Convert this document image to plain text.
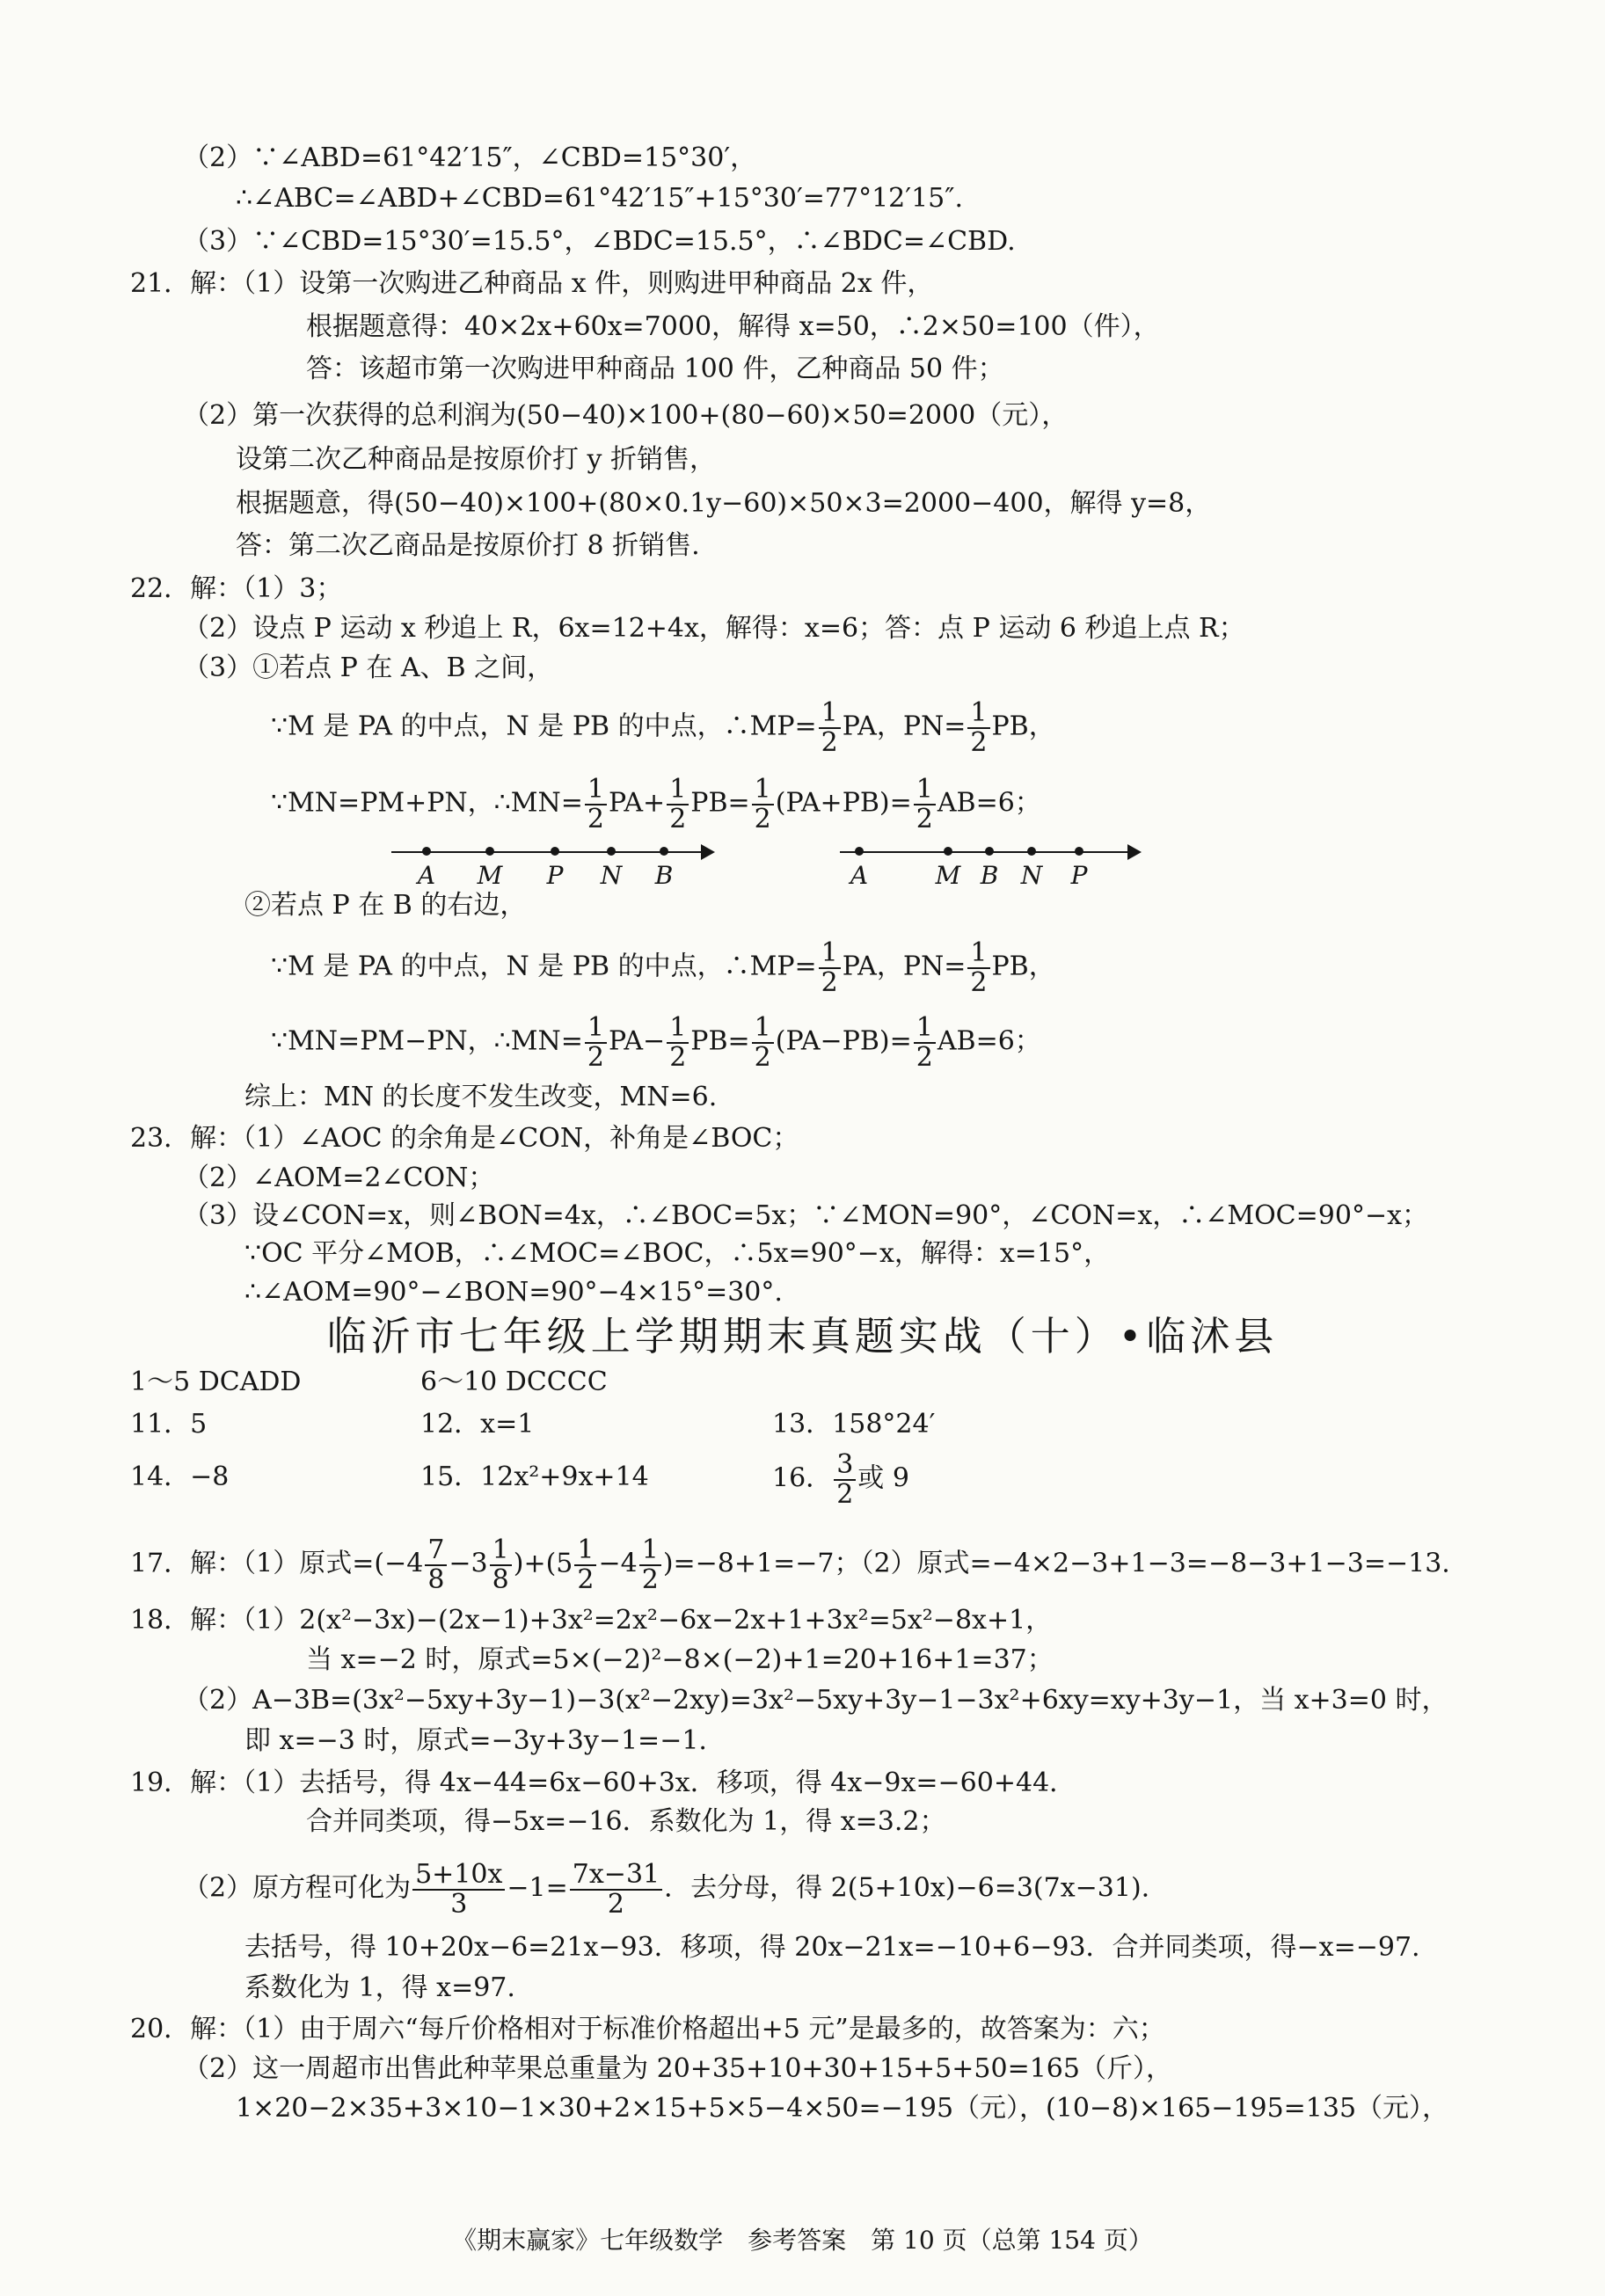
（2）∵∠ABD=61°42′15″，∠CBD=15°30′，
∴∠ABC=∠ABD+∠CBD=61°42′15″+15°30′=77°12′15″.
（3）∵∠CBD=15°30′=15.5°，∠BDC=15.5°，∴∠BDC=∠CBD.
21．解：（1）设第一次购进乙种商品 x 件，则购进甲种商品 2x 件，
根据题意得：40×2x+60x=7000，解得 x=50，∴2×50=100（件），
答：该超市第一次购进甲种商品 100 件，乙种商品 50 件；
（2）第一次获得的总利润为(50−40)×100+(80−60)×50=2000（元），
设第二次乙种商品是按原价打 y 折销售，
根据题意，得(50−40)×100+(80×0.1y−60)×50×3=2000−400，解得 y=8，
答：第二次乙商品是按原价打 8 折销售.
22．解：（1）3；
（2）设点 P 运动 x 秒追上 R，6x=12+4x，解得：x=6；答：点 P 运动 6 秒追上点 R；
（3）①若点 P 在 A、B 之间，
∵M 是 PA 的中点，N 是 PB 的中点，∴MP= $\frac{1}{2}$ PA，$PN= \frac{1}{2}$ PB，
∵MN=PM+PN，∴MN= $\frac{1}{2} PA+ \frac{1}{2} PB= \frac{1}{2} (PA+PB)= \frac{1}{2} AB=6$；
A	M	P	N	B	A	M B N	P
②若点 P 在 B 的右边，
∵M 是 PA 的中点，N 是 PB 的中点，∴MP= $\frac{1}{2}$ PA，$PN= \frac{1}{2}$ PB，
∵MN=PM−PN，∴MN= $\frac{1}{2} PA- \frac{1}{2} PB= \frac{1}{2} (PA-PB)= \frac{1}{2} AB=6$；
综上：MN 的长度不发生改变，MN=6.
23．解：（1）∠AOC 的余角是∠CON，补角是∠BOC；
（2）∠AOM=2∠CON；
（3）设∠CON=x，则∠BON=4x，∴∠BOC=5x；∵∠MON=90°，∠CON=x，∴∠MOC=90°−x；
∵OC 平分∠MOB，∴∠MOC=∠BOC，∴5x=90°−x，解得：x=15°，
∴∠AOM=90°−∠BON=90°−4×15°=30°.
临沂市七年级上学期期末真题实战（十）•临沭县
1～5 DCADD	6～10 DCCCC
11．5	12．x=1	13．158°24′
14．−8	15．12x²+9x+14	16． $\frac{3}{2}$ 或 9
17．解：（1）原式$=(-4 \frac{7}{8} -3 \frac{1}{8} )+(5 \frac{1}{2} -4 \frac{1}{2} )=-8+1=-7$；（2）原式=−4×2−3+1−3=−8−3+1−3=−13.
18．解：（1）2(x²−3x)−(2x−1)+3x²=2x²−6x−2x+1+3x²=5x²−8x+1，
当 x=−2 时，原式=5×(−2)²−8×(−2)+1=20+16+1=37；
（2）A−3B=(3x²−5xy+3y−1)−3(x²−2xy)=3x²−5xy+3y−1−3x²+6xy=xy+3y−1，当 x+3=0 时，
即 x=−3 时，原式=−3y+3y−1=−1.
19．解：（1）去括号，得 4x−44=6x−60+3x．移项，得 4x−9x=−60+44．
合并同类项，得−5x=−16．系数化为 1，得 x=3.2；
（2）原方程可化为 $\frac{5+10x}{3} -1= \frac{7x-31}{2}$ ．去分母，得 2(5+10x)−6=3(7x−31).
去括号，得 10+20x−6=21x−93．移项，得 20x−21x=−10+6−93．合并同类项，得−x=−97.
系数化为 1，得 x=97.
20．解：（1）由于周六“每斤价格相对于标准价格超出+5 元”是最多的，故答案为：六；
（2）这一周超市出售此种苹果总重量为 20+35+10+30+15+5+50=165（斤），
1×20−2×35+3×10−1×30+2×15+5×5−4×50=−195（元），(10−8)×165−195=135（元），
《期末赢家》七年级数学　参考答案　第 10 页（总第 154 页）
